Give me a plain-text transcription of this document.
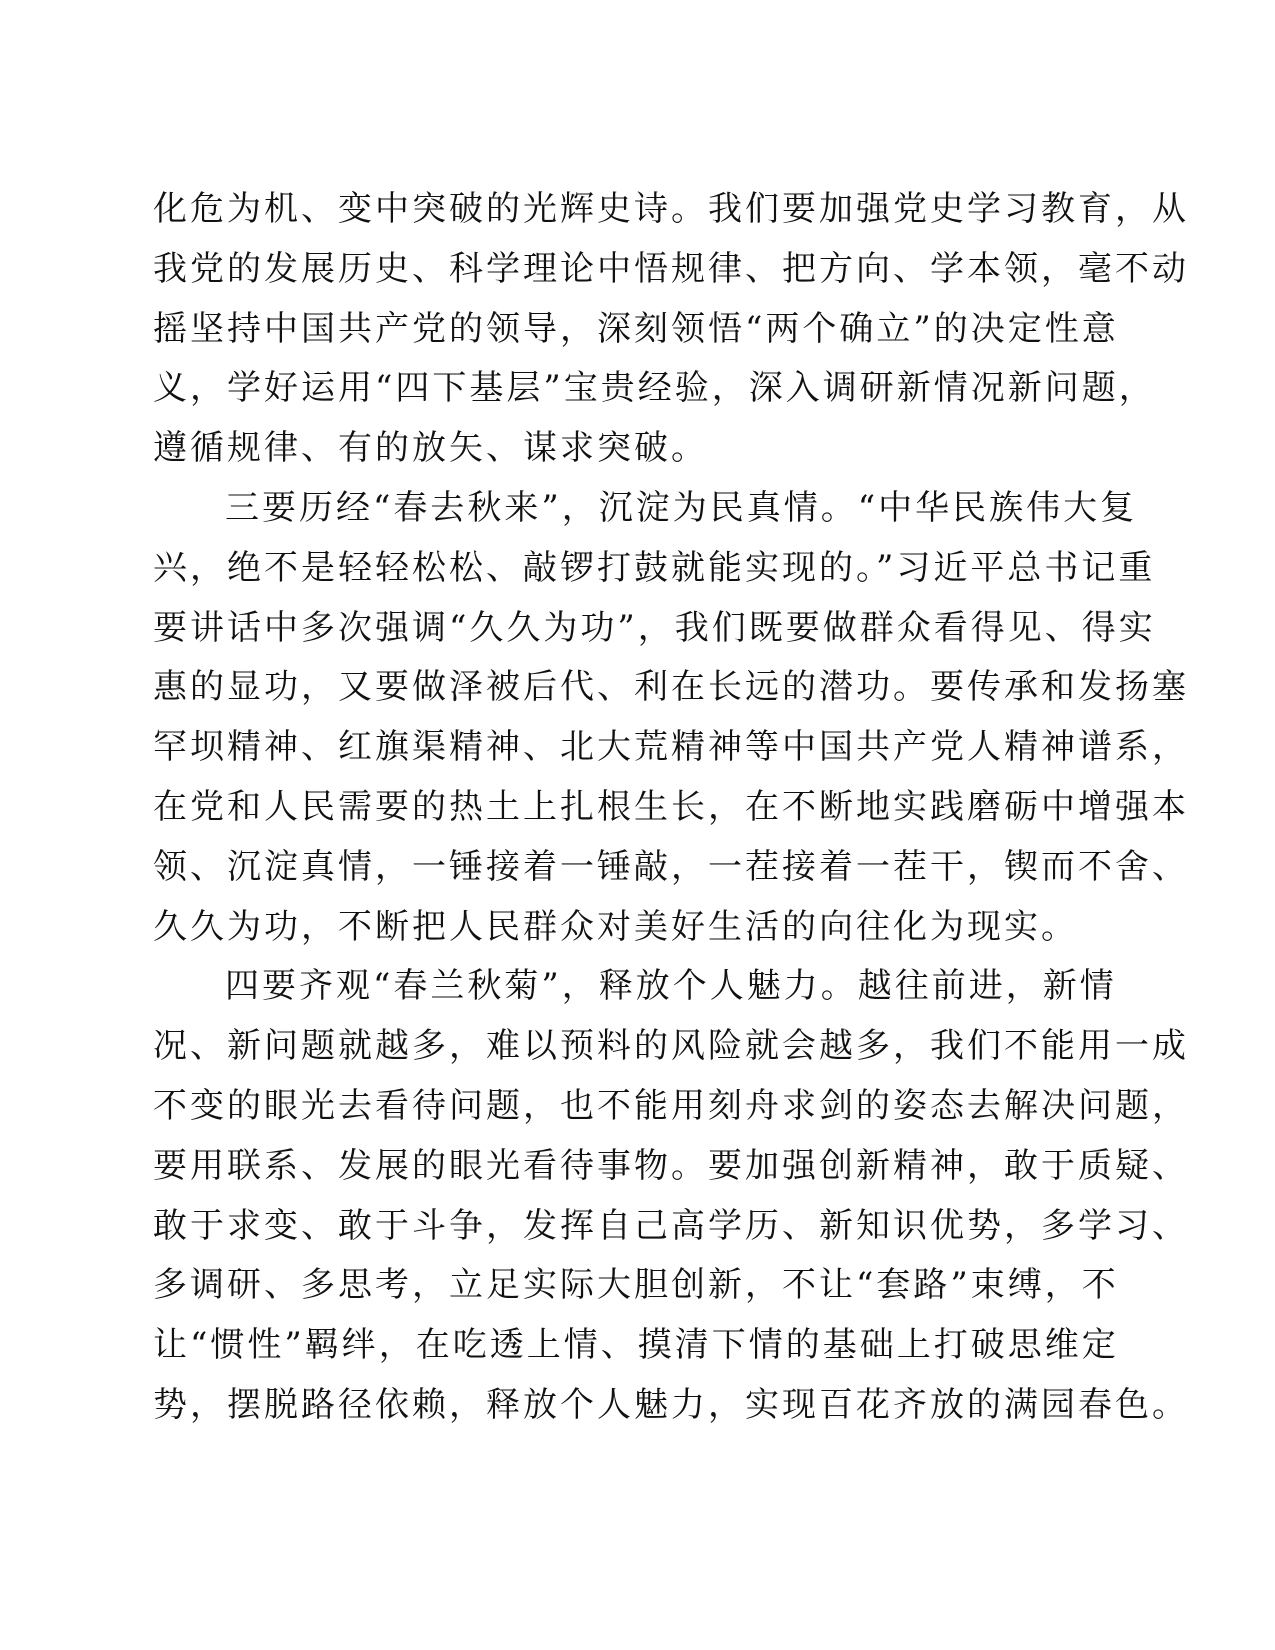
化危为机、变中突破的光辉史诗。我们要加强党史学习教育，从
我党的发展历史、科学理论中悟规律、把方向、学本领，毫不动
摇坚持中国共产党的领导，深刻领悟“两个确立”的决定性意
义，学好运用“四下基层”宝贵经验，深入调研新情况新问题，
遵循规律、有的放矢、谋求突破。
三要历经“春去秋来”，沉淀为民真情。“中华民族伟大复
兴，绝不是轻轻松松、敲锣打鼓就能实现的。”习近平总书记重
要讲话中多次强调“久久为功”，我们既要做群众看得见、得实
惠的显功，又要做泽被后代、利在长远的潜功。要传承和发扬塞
罕坝精神、红旗渠精神、北大荒精神等中国共产党人精神谱系，
在党和人民需要的热土上扎根生长，在不断地实践磨砺中增强本
领、沉淀真情，一锤接着一锤敲，一茬接着一茬干，锲而不舍、
久久为功，不断把人民群众对美好生活的向往化为现实。
四要齐观“春兰秋菊”，释放个人魅力。越往前进，新情
况、新问题就越多，难以预料的风险就会越多，我们不能用一成
不变的眼光去看待问题，也不能用刻舟求剑的姿态去解决问题，
要用联系、发展的眼光看待事物。要加强创新精神，敢于质疑、
敢于求变、敢于斗争，发挥自己高学历、新知识优势，多学习、
多调研、多思考，立足实际大胆创新，不让“套路”束缚，不
让“惯性”羁绊，在吃透上情、摸清下情的基础上打破思维定
势，摆脱路径依赖，释放个人魅力，实现百花齐放的满园春色。
